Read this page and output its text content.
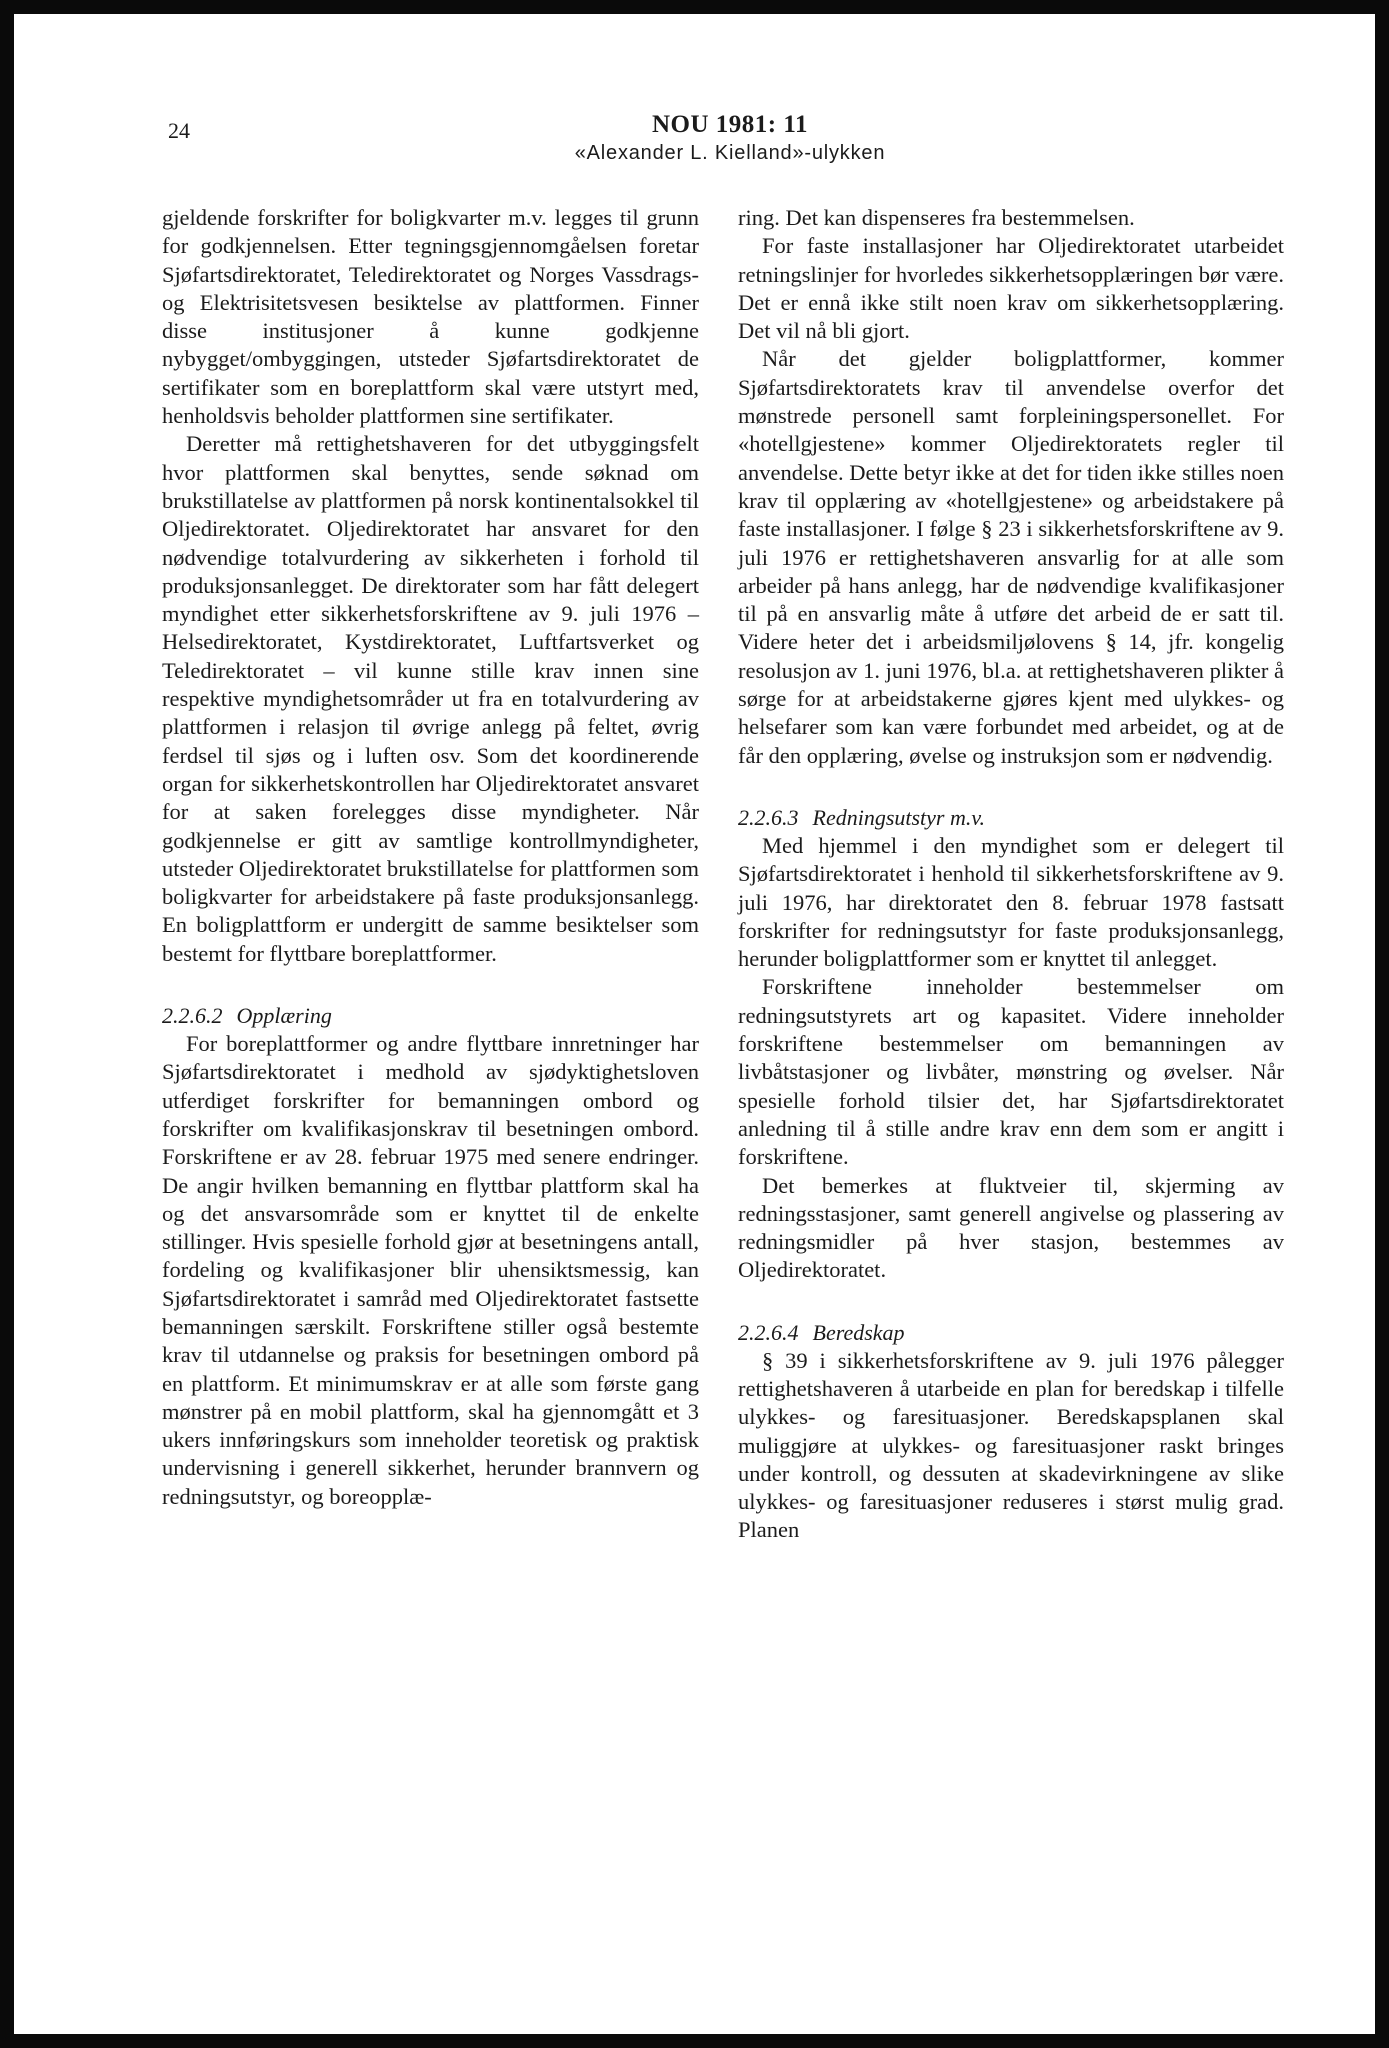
24	NOU 1981: 11
«Alexander L. Kielland»-ulykken

gjeldende forskrifter for boligkvarter m.v. legges til grunn for godkjennelsen. Etter tegningsgjennomgåelsen foretar Sjøfartsdirektoratet, Teledirektoratet og Norges Vassdrags- og Elektrisitetsvesen besiktelse av plattformen. Finner disse institusjoner å kunne godkjenne nybygget/ombyggingen, utsteder Sjøfartsdirektoratet de sertifikater som en boreplattform skal være utstyrt med, henholdsvis beholder plattformen sine sertifikater.

Deretter må rettighetshaveren for det utbyggingsfelt hvor plattformen skal benyttes, sende søknad om brukstillatelse av plattformen på norsk kontinentalsokkel til Oljedirektoratet. Oljedirektoratet har ansvaret for den nødvendige totalvurdering av sikkerheten i forhold til produksjonsanlegget. De direktorater som har fått delegert myndighet etter sikkerhetsforskriftene av 9. juli 1976 – Helsedirektoratet, Kystdirektoratet, Luftfartsverket og Teledirektoratet – vil kunne stille krav innen sine respektive myndighetsområder ut fra en totalvurdering av plattformen i relasjon til øvrige anlegg på feltet, øvrig ferdsel til sjøs og i luften osv. Som det koordinerende organ for sikkerhetskontrollen har Oljedirektoratet ansvaret for at saken forelegges disse myndigheter. Når godkjennelse er gitt av samtlige kontrollmyndigheter, utsteder Oljedirektoratet brukstillatelse for plattformen som boligkvarter for arbeidstakere på faste produksjonsanlegg. En boligplattform er undergitt de samme besiktelser som bestemt for flyttbare boreplattformer.

2.2.6.2 Opplæring

For boreplattformer og andre flyttbare innretninger har Sjøfartsdirektoratet i medhold av sjødyktighetsloven utferdiget forskrifter for bemanningen ombord og forskrifter om kvalifikasjonskrav til besetningen ombord. Forskriftene er av 28. februar 1975 med senere endringer. De angir hvilken bemanning en flyttbar plattform skal ha og det ansvarsområde som er knyttet til de enkelte stillinger. Hvis spesielle forhold gjør at besetningens antall, fordeling og kvalifikasjoner blir uhensiktsmessig, kan Sjøfartsdirektoratet i samråd med Oljedirektoratet fastsette bemanningen særskilt. Forskriftene stiller også bestemte krav til utdannelse og praksis for besetningen ombord på en plattform. Et minimumskrav er at alle som første gang mønstrer på en mobil plattform, skal ha gjennomgått et 3 ukers innføringskurs som inneholder teoretisk og praktisk undervisning i generell sikkerhet, herunder brannvern og redningsutstyr, og boreopplæ-

ring. Det kan dispenseres fra bestemmelsen.

For faste installasjoner har Oljedirektoratet utarbeidet retningslinjer for hvorledes sikkerhetsopplæringen bør være. Det er ennå ikke stilt noen krav om sikkerhetsopplæring. Det vil nå bli gjort.

Når det gjelder boligplattformer, kommer Sjøfartsdirektoratets krav til anvendelse overfor det mønstrede personell samt forpleiningspersonellet. For «hotellgjestene» kommer Oljedirektoratets regler til anvendelse. Dette betyr ikke at det for tiden ikke stilles noen krav til opplæring av «hotellgjestene» og arbeidstakere på faste installasjoner. I følge § 23 i sikkerhetsforskriftene av 9. juli 1976 er rettighetshaveren ansvarlig for at alle som arbeider på hans anlegg, har de nødvendige kvalifikasjoner til på en ansvarlig måte å utføre det arbeid de er satt til. Videre heter det i arbeidsmiljølovens § 14, jfr. kongelig resolusjon av 1. juni 1976, bl.a. at rettighetshaveren plikter å sørge for at arbeidstakerne gjøres kjent med ulykkes- og helsefarer som kan være forbundet med arbeidet, og at de får den opplæring, øvelse og instruksjon som er nødvendig.

2.2.6.3 Redningsutstyr m.v.

Med hjemmel i den myndighet som er delegert til Sjøfartsdirektoratet i henhold til sikkerhetsforskriftene av 9. juli 1976, har direktoratet den 8. februar 1978 fastsatt forskrifter for redningsutstyr for faste produksjonsanlegg, herunder boligplattformer som er knyttet til anlegget.

Forskriftene inneholder bestemmelser om redningsutstyrets art og kapasitet. Videre inneholder forskriftene bestemmelser om bemanningen av livbåtstasjoner og livbåter, mønstring og øvelser. Når spesielle forhold tilsier det, har Sjøfartsdirektoratet anledning til å stille andre krav enn dem som er angitt i forskriftene.

Det bemerkes at fluktveier til, skjerming av redningsstasjoner, samt generell angivelse og plassering av redningsmidler på hver stasjon, bestemmes av Oljedirektoratet.

2.2.6.4 Beredskap

§ 39 i sikkerhetsforskriftene av 9. juli 1976 pålegger rettighetshaveren å utarbeide en plan for beredskap i tilfelle ulykkes- og faresituasjoner. Beredskapsplanen skal muliggjøre at ulykkes- og faresituasjoner raskt bringes under kontroll, og dessuten at skadevirkningene av slike ulykkes- og faresituasjoner reduseres i størst mulig grad. Planen
